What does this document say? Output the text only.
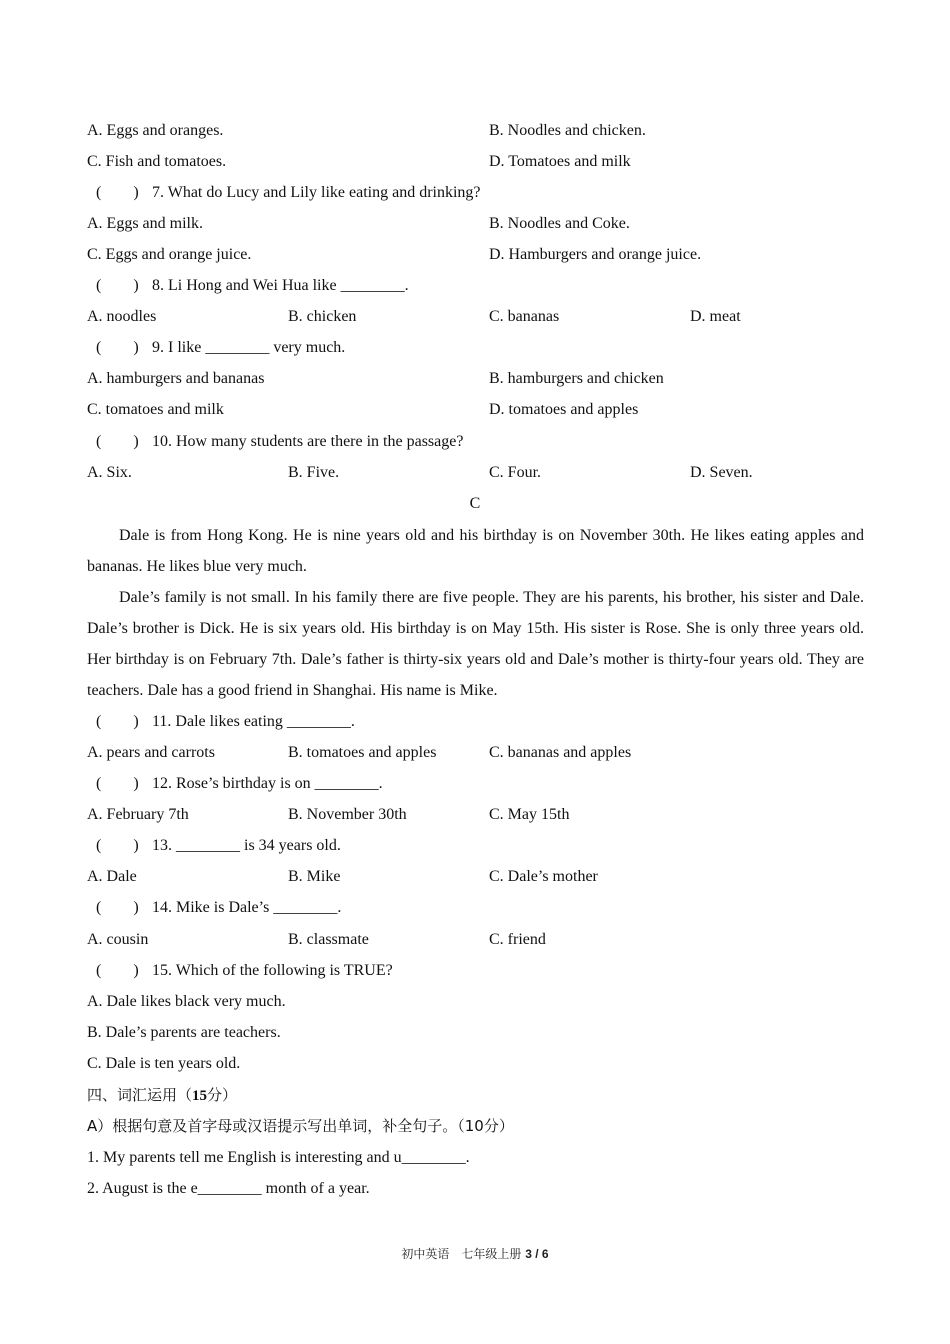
A. Eggs and oranges.	B. Noodles and chicken.
C. Fish and tomatoes.	D. Tomatoes and milk
(　　) 7. What do Lucy and Lily like eating and drinking?
A. Eggs and milk.	B. Noodles and Coke.
C. Eggs and orange juice.	D. Hamburgers and orange juice.
(　　) 8. Li Hong and Wei Hua like ________.
A. noodles	B. chicken	C. bananas	D. meat
(　　) 9. I like ________ very much.
A. hamburgers and bananas	B. hamburgers and chicken
C. tomatoes and milk	D. tomatoes and apples
(　　) 10. How many students are there in the passage?
A. Six.	B. Five.	C. Four.	D. Seven.
C
Dale is from Hong Kong. He is nine years old and his birthday is on November 30th. He likes eating apples and bananas. He likes blue very much.
Dale’s family is not small. In his family there are five people. They are his parents, his brother, his sister and Dale. Dale’s brother is Dick. He is six years old. His birthday is on May 15th. His sister is Rose. She is only three years old. Her birthday is on February 7th. Dale’s father is thirty-six years old and Dale’s mother is thirty-four years old. They are teachers. Dale has a good friend in Shanghai. His name is Mike.
(　　) 11. Dale likes eating ________.
A. pears and carrots	B. tomatoes and apples	C. bananas and apples
(　　) 12. Rose’s birthday is on ________.
A. February 7th	B. November 30th	C. May 15th
(　　) 13. ________ is 34 years old.
A. Dale	B. Mike	C. Dale’s mother
(　　) 14. Mike is Dale’s ________.
A. cousin	B. classmate	C. friend
(　　) 15. Which of the following is TRUE?
A. Dale likes black very much.
B. Dale’s parents are teachers.
C. Dale is ten years old.
四、词汇运用（15分）
A）根据句意及首字母或汉语提示写出单词，补全句子。（10分）
1. My parents tell me English is interesting and u________.
2. August is the e________ month of a year.
初中英语　七年级上册 3 / 6
